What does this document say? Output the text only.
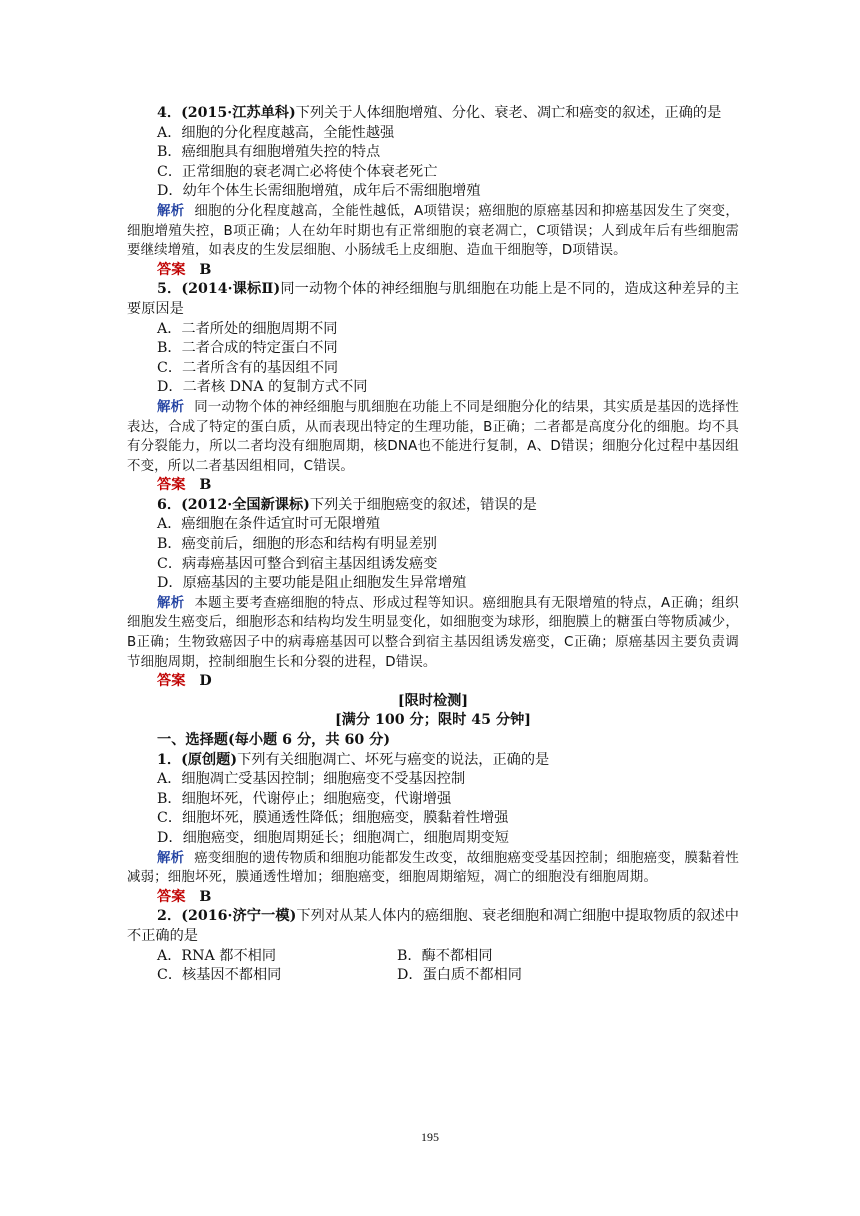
4．(2015·江苏单科)下列关于人体细胞增殖、分化、衰老、凋亡和癌变的叙述，正确的是

A．细胞的分化程度越高，全能性越强

B．癌细胞具有细胞增殖失控的特点

C．正常细胞的衰老凋亡必将使个体衰老死亡

D．幼年个体生长需细胞增殖，成年后不需细胞增殖

解析 细胞的分化程度越高，全能性越低，A项错误；癌细胞的原癌基因和抑癌基因发生了突变，细胞增殖失控，B项正确；人在幼年时期也有正常细胞的衰老凋亡，C项错误；人到成年后有些细胞需要继续增殖，如表皮的生发层细胞、小肠绒毛上皮细胞、造血干细胞等，D项错误。

答案 B

5．(2014·课标Ⅱ)同一动物个体的神经细胞与肌细胞在功能上是不同的，造成这种差异的主要原因是

A．二者所处的细胞周期不同

B．二者合成的特定蛋白不同

C．二者所含有的基因组不同

D．二者核 DNA 的复制方式不同

解析 同一动物个体的神经细胞与肌细胞在功能上不同是细胞分化的结果，其实质是基因的选择性表达，合成了特定的蛋白质，从而表现出特定的生理功能，B正确；二者都是高度分化的细胞。均不具有分裂能力，所以二者均没有细胞周期，核DNA也不能进行复制，A、D错误；细胞分化过程中基因组不变，所以二者基因组相同，C错误。

答案 B

6．(2012·全国新课标)下列关于细胞癌变的叙述，错误的是

A．癌细胞在条件适宜时可无限增殖

B．癌变前后，细胞的形态和结构有明显差别

C．病毒癌基因可整合到宿主基因组诱发癌变

D．原癌基因的主要功能是阻止细胞发生异常增殖

解析 本题主要考查癌细胞的特点、形成过程等知识。癌细胞具有无限增殖的特点，A正确；组织细胞发生癌变后，细胞形态和结构均发生明显变化，如细胞变为球形，细胞膜上的糖蛋白等物质减少，B正确；生物致癌因子中的病毒癌基因可以整合到宿主基因组诱发癌变，C正确；原癌基因主要负责调节细胞周期，控制细胞生长和分裂的进程，D错误。

答案 D

[限时检测]

[满分 100 分；限时 45 分钟]

一、选择题(每小题 6 分，共 60 分)

1．(原创题)下列有关细胞凋亡、坏死与癌变的说法，正确的是

A．细胞凋亡受基因控制；细胞癌变不受基因控制

B．细胞坏死，代谢停止；细胞癌变，代谢增强

C．细胞坏死，膜通透性降低；细胞癌变，膜黏着性增强

D．细胞癌变，细胞周期延长；细胞凋亡，细胞周期变短

解析 癌变细胞的遗传物质和细胞功能都发生改变，故细胞癌变受基因控制；细胞癌变，膜黏着性减弱；细胞坏死，膜通透性增加；细胞癌变，细胞周期缩短，凋亡的细胞没有细胞周期。

答案 B

2．(2016·济宁一模)下列对从某人体内的癌细胞、衰老细胞和凋亡细胞中提取物质的叙述中不正确的是

A．RNA 都不相同	B．酶不都相同
C．核基因不都相同	D．蛋白质不都相同
195
